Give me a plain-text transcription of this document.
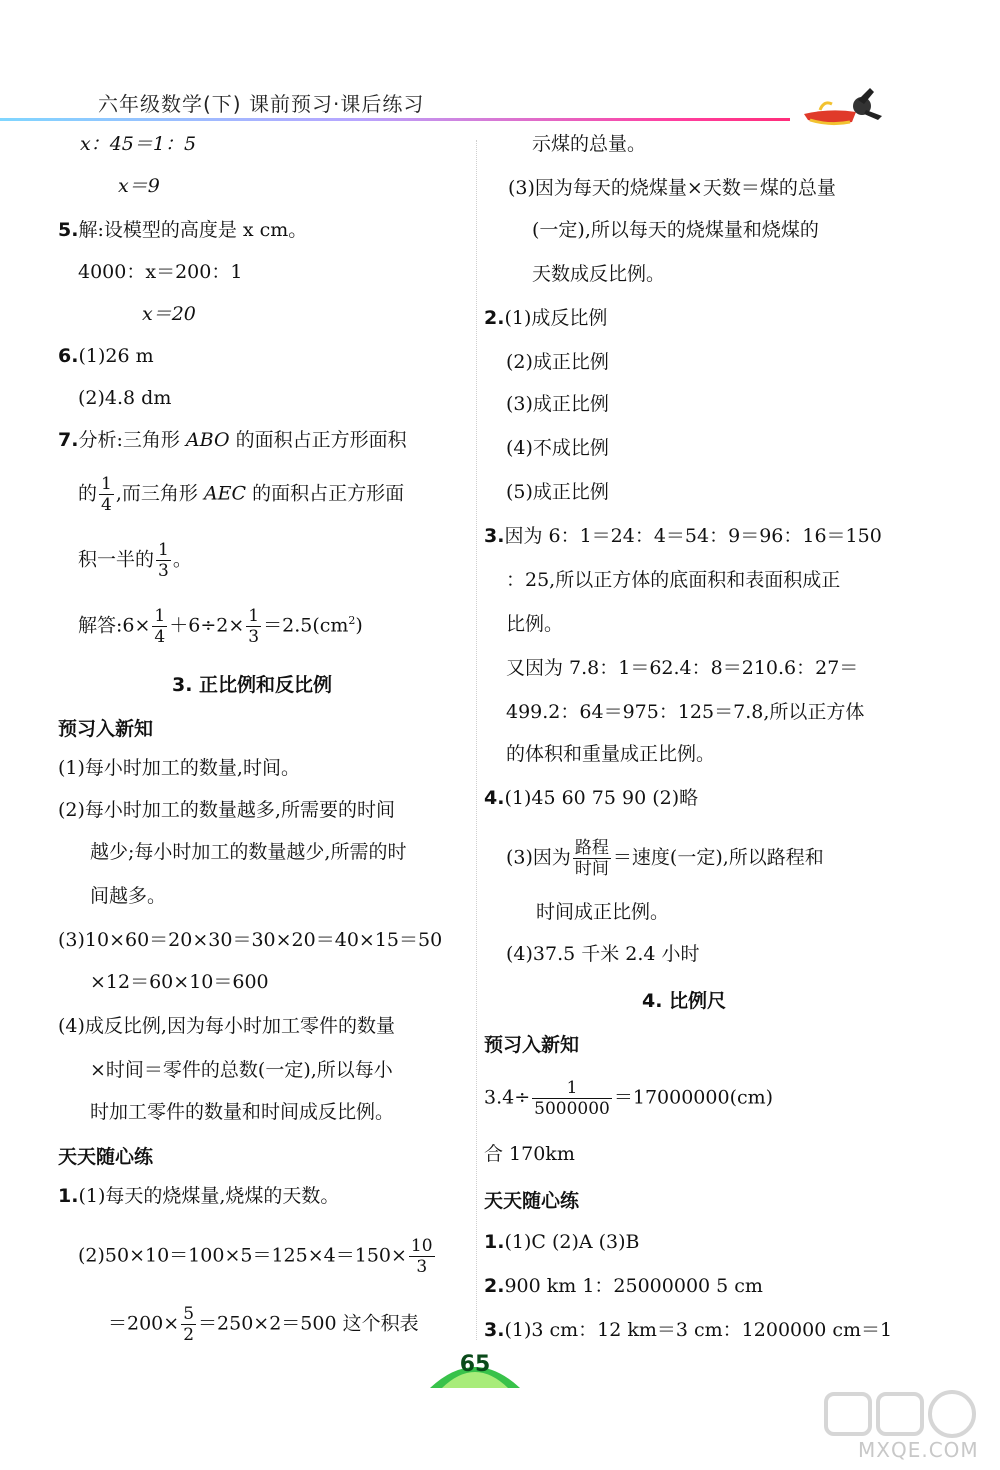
六年级数学(下) 课前预习·课后练习
x：45＝1：5
x＝9
5.解:设模型的高度是 x cm。
4000：x＝200：1
x＝20
6.(1)26 m
(2)4.8 dm
7.分析:三角形 ABO 的面积占正方形面积
的 $\frac{1}{4}$ ,而三角形 AEC 的面积占正方形面
积一半的 $\frac{1}{3}$ 。
解答:6× $\frac{1}{4} +6\div 2\times \frac{1}{3} =2.5(cm^2)$
3. 正比例和反比例
预习入新知
(1)每小时加工的数量,时间。
(2)每小时加工的数量越多,所需要的时间
越少;每小时加工的数量越少,所需的时
间越多。
(3)10×60＝20×30＝30×20＝40×15＝50
×12＝60×10＝600
(4)成反比例,因为每小时加工零件的数量
×时间＝零件的总数(一定),所以每小
时加工零件的数量和时间成反比例。
天天随心练
1.(1)每天的烧煤量,烧煤的天数。
$(2)50\times 10=100\times 5=125\times 4=150\times \frac{10}{3}$
$=200\times \frac{5}{2} =250\times 2=500$ 这个积表
示煤的总量。
(3)因为每天的烧煤量×天数＝煤的总量
(一定),所以每天的烧煤量和烧煤的
天数成反比例。
2.(1)成反比例
(2)成正比例
(3)成正比例
(4)不成比例
(5)成正比例
3.因为 6：1＝24：4＝54：9＝96：16＝150
：25,所以正方体的底面积和表面积成正
比例。
又因为 7.8：1＝62.4：8＝210.6：27＝
499.2：64＝975：125＝7.8,所以正方体
的体积和重量成正比例。
4.(1)45 60 75 90 (2)略
(3)因为 $\frac{\text{路程}}{\text{时间}}$ ＝速度(一定),所以路程和
时间成正比例。
(4)37.5 千米 2.4 小时
4. 比例尺
预习入新知
$3.4\div \frac{1}{5000000} =17000000(cm)$
合 170km
天天随心练
1.(1)C (2)A (3)B
2.900 km 1：25000000 5 cm
3.(1)3 cm：12 km＝3 cm：1200000 cm＝1
65
MXQE.COM
